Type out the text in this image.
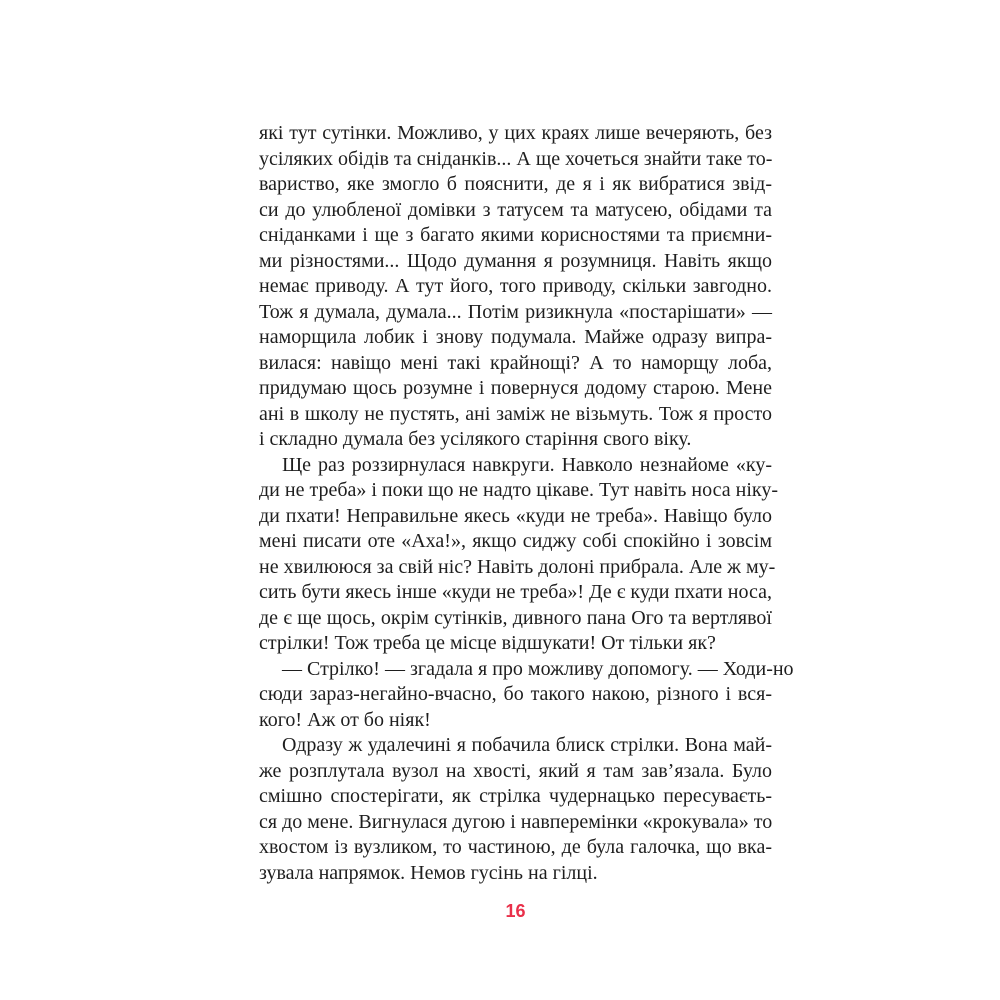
які тут сутінки. Можливо, у цих краях лише вечеряють, без
усіляких обідів та сніданків... А ще хочеться знайти таке то-
вариство, яке змогло б пояснити, де я і як вибратися звід-
си до улюбленої домівки з татусем та матусею, обідами та
сніданками і ще з багато якими корисностями та приємни-
ми різностями... Щодо думання я розумниця. Навіть якщо
немає приводу. А тут його, того приводу, скільки завгодно.
Тож я думала, думала... Потім ризикнула «постарішати» —
наморщила лобик і знову подумала. Майже одразу випра-
вилася: навіщо мені такі крайнощі? А то наморщу лоба,
придумаю щось розумне і повернуся додому старою. Мене
ані в школу не пустять, ані заміж не візьмуть. Тож я просто
і складно думала без усілякого старіння свого віку.
Ще раз роззирнулася навкруги. Навколо незнайоме «ку-
ди не треба» і поки що не надто цікаве. Тут навіть носа ніку-
ди пхати! Неправильне якесь «куди не треба». Навіщо було
мені писати оте «Аха!», якщо сиджу собі спокійно і зовсім
не хвилююся за свій ніс? Навіть долоні прибрала. Але ж му-
сить бути якесь інше «куди не треба»! Де є куди пхати носа,
де є ще щось, окрім сутінків, дивного пана Ого та вертлявої
стрілки! Тож треба це місце відшукати! От тільки як?
— Стрілко! — згадала я про можливу допомогу. — Ходи-но
сюди зараз-негайно-вчасно, бо такого накою, різного і вся-
кого! Аж от бо ніяк!
Одразу ж удалечині я побачила блиск стрілки. Вона май-
же розплутала вузол на хвості, який я там зав’язала. Було
смішно спостерігати, як стрілка чудернацько пересуваєть-
ся до мене. Вигнулася дугою і навперемінки «крокувала» то
хвостом із вузликом, то частиною, де була галочка, що вка-
зувала напрямок. Немов гусінь на гілці.
16
